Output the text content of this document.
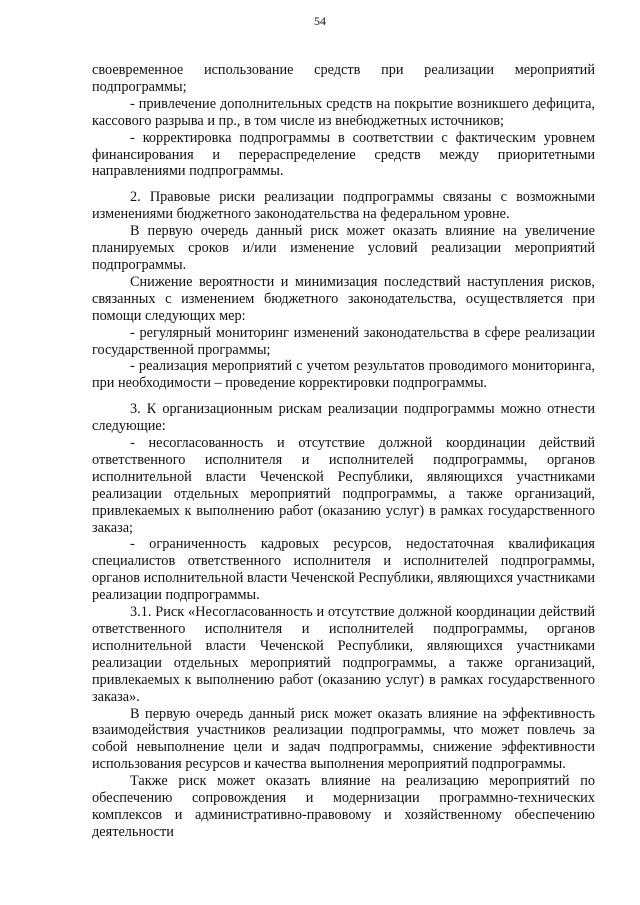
54

своевременное использование средств при реализации мероприятий подпрограммы;

- привлечение дополнительных средств на покрытие возникшего дефицита, кассового разрыва и пр., в том числе из внебюджетных источников;

- корректировка подпрограммы в соответствии с фактическим уровнем финансирования и перераспределение средств между приоритетными направлениями подпрограммы.

2. Правовые риски реализации подпрограммы связаны с возможными изменениями бюджетного законодательства на федеральном уровне.

В первую очередь данный риск может оказать влияние на увеличение планируемых сроков и/или изменение условий реализации мероприятий подпрограммы.

Снижение вероятности и минимизация последствий наступления рисков, связанных с изменением бюджетного законодательства, осуществляется при помощи следующих мер:

- регулярный мониторинг изменений законодательства в сфере реализации государственной программы;

- реализация мероприятий с учетом результатов проводимого мониторинга, при необходимости – проведение корректировки подпрограммы.

3. К организационным рискам реализации подпрограммы можно отнести следующие:

- несогласованность и отсутствие должной координации действий ответственного исполнителя и исполнителей подпрограммы, органов исполнительной власти Чеченской Республики, являющихся участниками реализации отдельных мероприятий подпрограммы, а также организаций, привлекаемых к выполнению работ (оказанию услуг) в рамках государственного заказа;

- ограниченность кадровых ресурсов, недостаточная квалификация специалистов ответственного исполнителя и исполнителей подпрограммы, органов исполнительной власти Чеченской Республики, являющихся участниками реализации подпрограммы.

3.1. Риск «Несогласованность и отсутствие должной координации действий ответственного исполнителя и исполнителей подпрограммы, органов исполнительной власти Чеченской Республики, являющихся участниками реализации отдельных мероприятий подпрограммы, а также организаций, привлекаемых к выполнению работ (оказанию услуг) в рамках государственного заказа».

В первую очередь данный риск может оказать влияние на эффективность взаимодействия участников реализации подпрограммы, что может повлечь за собой невыполнение цели и задач подпрограммы, снижение эффективности использования ресурсов и качества выполнения мероприятий подпрограммы.

Также риск может оказать влияние на реализацию мероприятий по обеспечению сопровождения и модернизации программно-технических комплексов и административно-правовому и хозяйственному обеспечению деятельности
